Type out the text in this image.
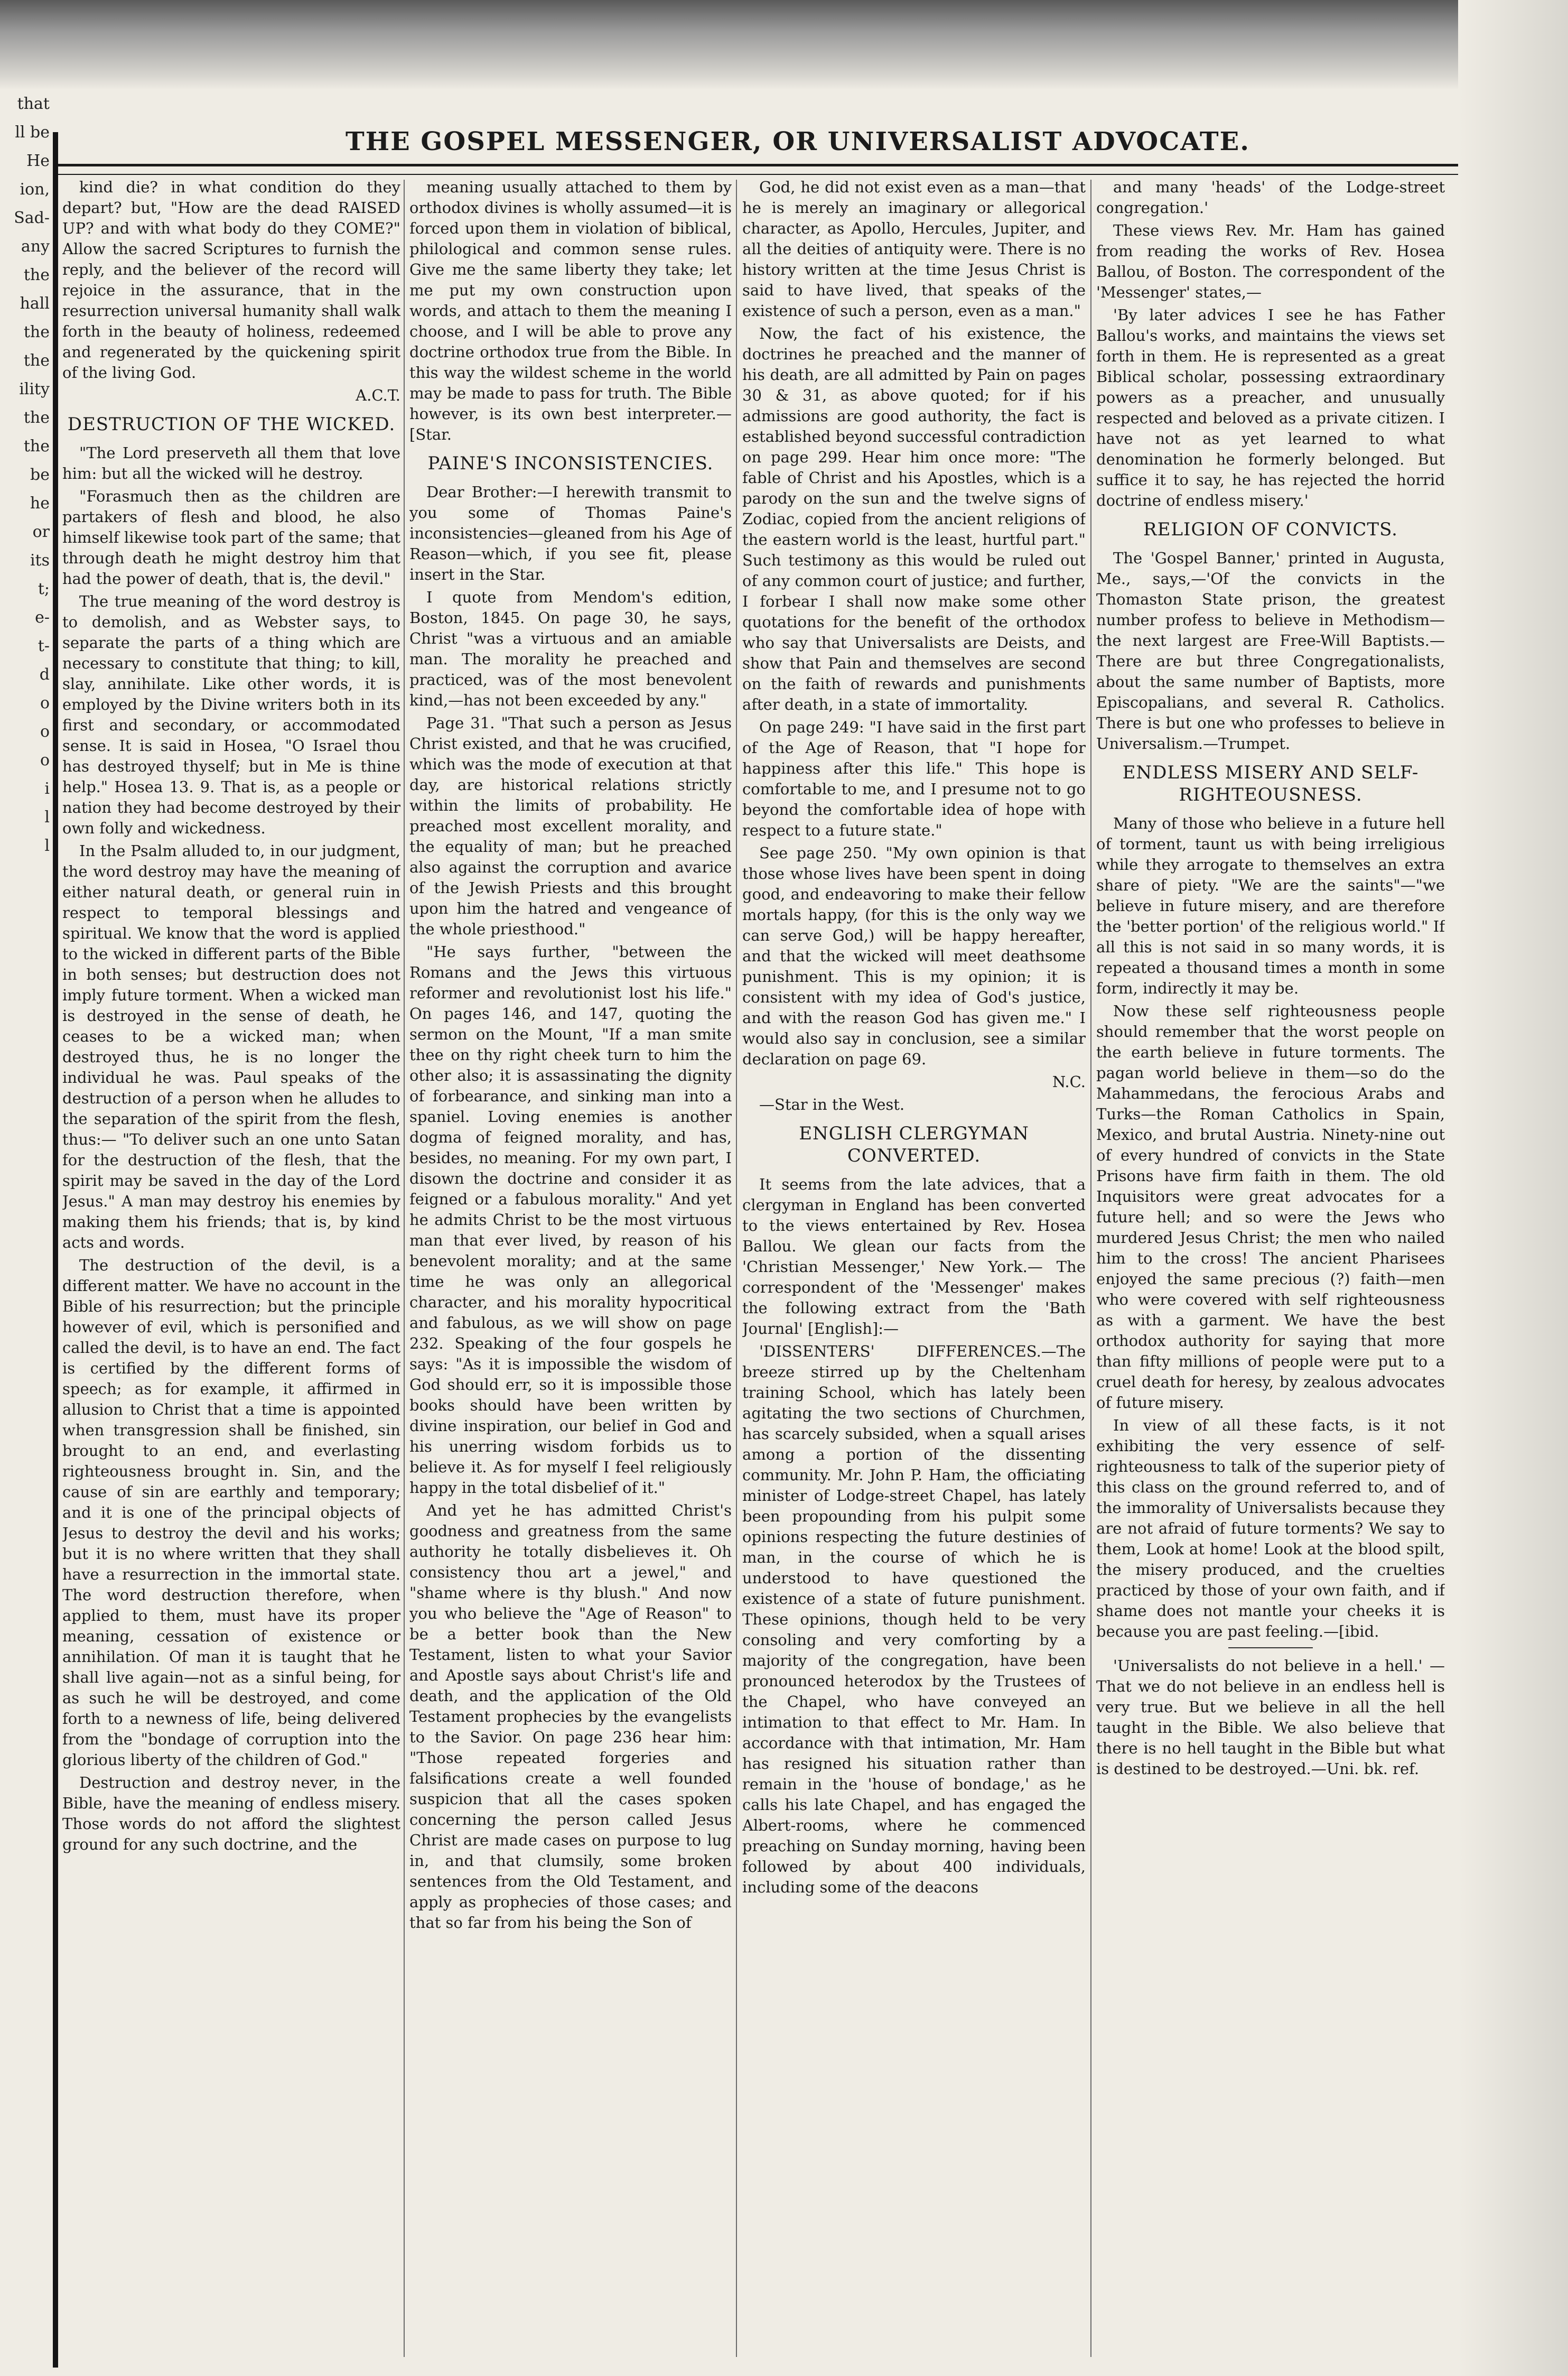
that
ll be
He
ion,
Sad-
any
the
hall
the
the
ility
the
the
be
he
or
its
t;
e-
t-
d
o
o
o
i
l
l
THE GOSPEL MESSENGER, OR UNIVERSALIST ADVOCATE.

kind die? in what condition do they depart? but, "How are the dead RAISED UP? and with what body do they COME?" Allow the sacred Scriptures to furnish the reply, and the believer of the record will rejoice in the assurance, that in the resurrection universal humanity shall walk forth in the beauty of holiness, redeemed and regenerated by the quickening spirit of the living God.

A.C.T.

DESTRUCTION OF THE WICKED.

"The Lord preserveth all them that love him: but all the wicked will he destroy.

"Forasmuch then as the children are partakers of flesh and blood, he also himself likewise took part of the same; that through death he might destroy him that had the power of death, that is, the devil."

The true meaning of the word destroy is to demolish, and as Webster says, to separate the parts of a thing which are necessary to constitute that thing; to kill, slay, annihilate. Like other words, it is employed by the Divine writers both in its first and secondary, or accommodated sense. It is said in Hosea, "O Israel thou has destroyed thyself; but in Me is thine help." Hosea 13. 9. That is, as a people or nation they had become destroyed by their own folly and wickedness.

In the Psalm alluded to, in our judgment, the word destroy may have the meaning of either natural death, or general ruin in respect to temporal blessings and spiritual. We know that the word is applied to the wicked in different parts of the Bible in both senses; but destruction does not imply future torment. When a wicked man is destroyed in the sense of death, he ceases to be a wicked man; when destroyed thus, he is no longer the individual he was. Paul speaks of the destruction of a person when he alludes to the separation of the spirit from the flesh, thus:— "To deliver such an one unto Satan for the destruction of the flesh, that the spirit may be saved in the day of the Lord Jesus." A man may destroy his enemies by making them his friends; that is, by kind acts and words.

The destruction of the devil, is a different matter. We have no account in the Bible of his resurrection; but the principle however of evil, which is personified and called the devil, is to have an end. The fact is certified by the different forms of speech; as for example, it affirmed in allusion to Christ that a time is appointed when transgression shall be finished, sin brought to an end, and everlasting righteousness brought in. Sin, and the cause of sin are earthly and temporary; and it is one of the principal objects of Jesus to destroy the devil and his works; but it is no where written that they shall have a resurrection in the immortal state. The word destruction therefore, when applied to them, must have its proper meaning, cessation of existence or annihilation. Of man it is taught that he shall live again—not as a sinful being, for as such he will be destroyed, and come forth to a newness of life, being delivered from the "bondage of corruption into the glorious liberty of the children of God."

Destruction and destroy never, in the Bible, have the meaning of endless misery. Those words do not afford the slightest ground for any such doctrine, and the

meaning usually attached to them by orthodox divines is wholly assumed—it is forced upon them in violation of biblical, philological and common sense rules. Give me the same liberty they take; let me put my own construction upon words, and attach to them the meaning I choose, and I will be able to prove any doctrine orthodox true from the Bible. In this way the wildest scheme in the world may be made to pass for truth. The Bible however, is its own best interpreter.—[Star.

PAINE'S INCONSISTENCIES.

Dear Brother:—I herewith transmit to you some of Thomas Paine's inconsistencies—gleaned from his Age of Reason—which, if you see fit, please insert in the Star.

I quote from Mendom's edition, Boston, 1845. On page 30, he says, Christ "was a virtuous and an amiable man. The morality he preached and practiced, was of the most benevolent kind,—has not been exceeded by any."

Page 31. "That such a person as Jesus Christ existed, and that he was crucified, which was the mode of execution at that day, are historical relations strictly within the limits of probability. He preached most excellent morality, and the equality of man; but he preached also against the corruption and avarice of the Jewish Priests and this brought upon him the hatred and vengeance of the whole priesthood."

"He says further, "between the Romans and the Jews this virtuous reformer and revolutionist lost his life." On pages 146, and 147, quoting the sermon on the Mount, "If a man smite thee on thy right cheek turn to him the other also; it is assassinating the dignity of forbearance, and sinking man into a spaniel. Loving enemies is another dogma of feigned morality, and has, besides, no meaning. For my own part, I disown the doctrine and consider it as feigned or a fabulous morality." And yet he admits Christ to be the most virtuous man that ever lived, by reason of his benevolent morality; and at the same time he was only an allegorical character, and his morality hypocritical and fabulous, as we will show on page 232. Speaking of the four gospels he says: "As it is impossible the wisdom of God should err, so it is impossible those books should have been written by divine inspiration, our belief in God and his unerring wisdom forbids us to believe it. As for myself I feel religiously happy in the total disbelief of it."

And yet he has admitted Christ's goodness and greatness from the same authority he totally disbelieves it. Oh consistency thou art a jewel," and "shame where is thy blush." And now you who believe the "Age of Reason" to be a better book than the New Testament, listen to what your Savior and Apostle says about Christ's life and death, and the application of the Old Testament prophecies by the evangelists to the Savior. On page 236 hear him: "Those repeated forgeries and falsifications create a well founded suspicion that all the cases spoken concerning the person called Jesus Christ are made cases on purpose to lug in, and that clumsily, some broken sentences from the Old Testament, and apply as prophecies of those cases; and that so far from his being the Son of

God, he did not exist even as a man—that he is merely an imaginary or allegorical character, as Apollo, Hercules, Jupiter, and all the deities of antiquity were. There is no history written at the time Jesus Christ is said to have lived, that speaks of the existence of such a person, even as a man."

Now, the fact of his existence, the doctrines he preached and the manner of his death, are all admitted by Pain on pages 30 & 31, as above quoted; for if his admissions are good authority, the fact is established beyond successful contradiction on page 299. Hear him once more: "The fable of Christ and his Apostles, which is a parody on the sun and the twelve signs of Zodiac, copied from the ancient religions of the eastern world is the least, hurtful part." Such testimony as this would be ruled out of any common court of justice; and further, I forbear I shall now make some other quotations for the benefit of the orthodox who say that Universalists are Deists, and show that Pain and themselves are second on the faith of rewards and punishments after death, in a state of immortality.

On page 249: "I have said in the first part of the Age of Reason, that "I hope for happiness after this life." This hope is comfortable to me, and I presume not to go beyond the comfortable idea of hope with respect to a future state."

See page 250. "My own opinion is that those whose lives have been spent in doing good, and endeavoring to make their fellow mortals happy, (for this is the only way we can serve God,) will be happy hereafter, and that the wicked will meet deathsome punishment. This is my opinion; it is consistent with my idea of God's justice, and with the reason God has given me." I would also say in conclusion, see a similar declaration on page 69.

N.C.

—Star in the West.

ENGLISH CLERGYMAN CONVERTED.

It seems from the late advices, that a clergyman in England has been converted to the views entertained by Rev. Hosea Ballou. We glean our facts from the 'Christian Messenger,' New York.— The correspondent of the 'Messenger' makes the following extract from the 'Bath Journal' [English]:—

'DISSENTERS' DIFFERENCES.—The breeze stirred up by the Cheltenham training School, which has lately been agitating the two sections of Churchmen, has scarcely subsided, when a squall arises among a portion of the dissenting community. Mr. John P. Ham, the officiating minister of Lodge-street Chapel, has lately been propounding from his pulpit some opinions respecting the future destinies of man, in the course of which he is understood to have questioned the existence of a state of future punishment. These opinions, though held to be very consoling and very comforting by a majority of the congregation, have been pronounced heterodox by the Trustees of the Chapel, who have conveyed an intimation to that effect to Mr. Ham. In accordance with that intimation, Mr. Ham has resigned his situation rather than remain in the 'house of bondage,' as he calls his late Chapel, and has engaged the Albert-rooms, where he commenced preaching on Sunday morning, having been followed by about 400 individuals, including some of the deacons

and many 'heads' of the Lodge-street congregation.'

These views Rev. Mr. Ham has gained from reading the works of Rev. Hosea Ballou, of Boston. The correspondent of the 'Messenger' states,—

'By later advices I see he has Father Ballou's works, and maintains the views set forth in them. He is represented as a great Biblical scholar, possessing extraordinary powers as a preacher, and unusually respected and beloved as a private citizen. I have not as yet learned to what denomination he formerly belonged. But suffice it to say, he has rejected the horrid doctrine of endless misery.'

RELIGION OF CONVICTS.

The 'Gospel Banner,' printed in Augusta, Me., says,—'Of the convicts in the Thomaston State prison, the greatest number profess to believe in Methodism—the next largest are Free-Will Baptists.— There are but three Congregationalists, about the same number of Baptists, more Episcopalians, and several R. Catholics. There is but one who professes to believe in Universalism.—Trumpet.

ENDLESS MISERY AND SELF-RIGHTEOUSNESS.

Many of those who believe in a future hell of torment, taunt us with being irreligious while they arrogate to themselves an extra share of piety. "We are the saints"—"we believe in future misery, and are therefore the 'better portion' of the religious world." If all this is not said in so many words, it is repeated a thousand times a month in some form, indirectly it may be.

Now these self righteousness people should remember that the worst people on the earth believe in future torments. The pagan world believe in them—so do the Mahammedans, the ferocious Arabs and Turks—the Roman Catholics in Spain, Mexico, and brutal Austria. Ninety-nine out of every hundred of convicts in the State Prisons have firm faith in them. The old Inquisitors were great advocates for a future hell; and so were the Jews who murdered Jesus Christ; the men who nailed him to the cross! The ancient Pharisees enjoyed the same precious (?) faith—men who were covered with self righteousness as with a garment. We have the best orthodox authority for saying that more than fifty millions of people were put to a cruel death for heresy, by zealous advocates of future misery.

In view of all these facts, is it not exhibiting the very essence of self-righteousness to talk of the superior piety of this class on the ground referred to, and of the immorality of Universalists because they are not afraid of future torments? We say to them, Look at home! Look at the blood spilt, the misery produced, and the cruelties practiced by those of your own faith, and if shame does not mantle your cheeks it is because you are past feeling.—[ibid.

'Universalists do not believe in a hell.' —That we do not believe in an endless hell is very true. But we believe in all the hell taught in the Bible. We also believe that there is no hell taught in the Bible but what is destined to be destroyed.—Uni. bk. ref.
